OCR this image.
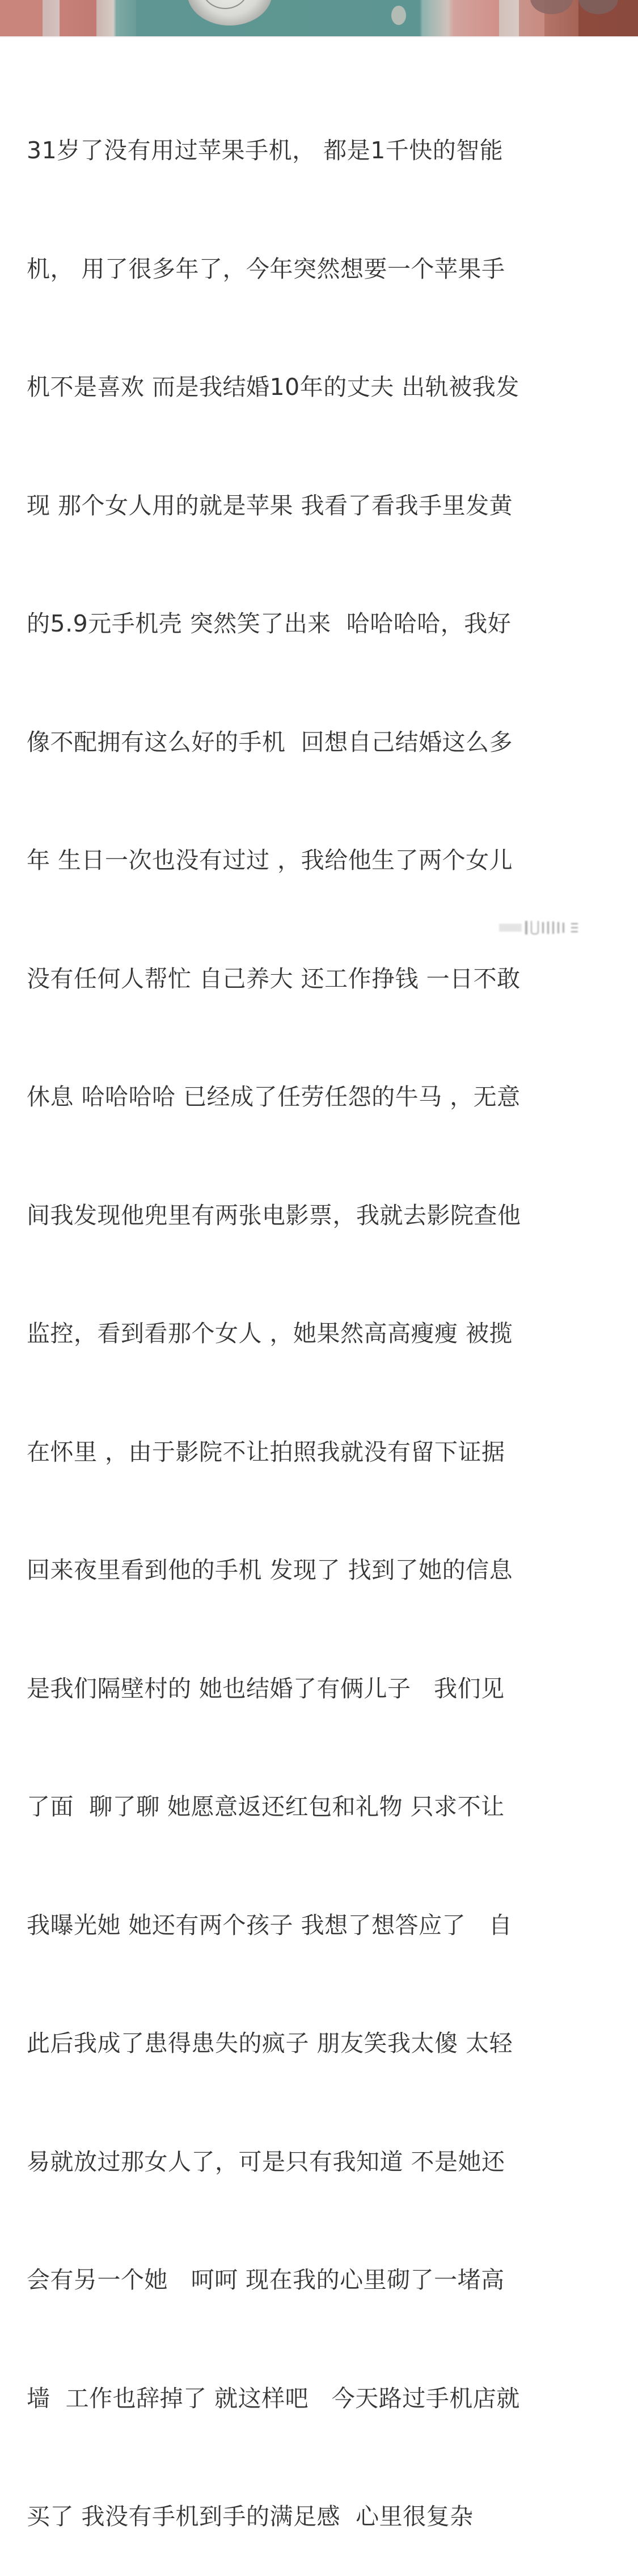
31岁了没有用过苹果手机， 都是1千快的智能

机， 用了很多年了，今年突然想要一个苹果手

机不是喜欢 而是我结婚10年的丈夫 出轨被我发

现 那个女人用的就是苹果 我看了看我手里发黄

的5.9元手机壳 突然笑了出来  哈哈哈哈，我好

像不配拥有这么好的手机  回想自己结婚这么多

年 生日一次也没有过过 ，我给他生了两个女儿

没有任何人帮忙 自己养大 还工作挣钱 一日不敢

休息 哈哈哈哈 已经成了任劳任怨的牛马 ，无意

间我发现他兜里有两张电影票，我就去影院查他

监控，看到看那个女人 ，她果然高高瘦瘦 被揽

在怀里 ，由于影院不让拍照我就没有留下证据

回来夜里看到他的手机 发现了 找到了她的信息

是我们隔壁村的 她也结婚了有俩儿子   我们见

了面  聊了聊 她愿意返还红包和礼物 只求不让

我曝光她 她还有两个孩子 我想了想答应了   自

此后我成了患得患失的疯子 朋友笑我太傻 太轻

易就放过那女人了，可是只有我知道 不是她还

会有另一个她   呵呵 现在我的心里砌了一堵高

墙  工作也辞掉了 就这样吧   今天路过手机店就

买了 我没有手机到手的满足感  心里很复杂
